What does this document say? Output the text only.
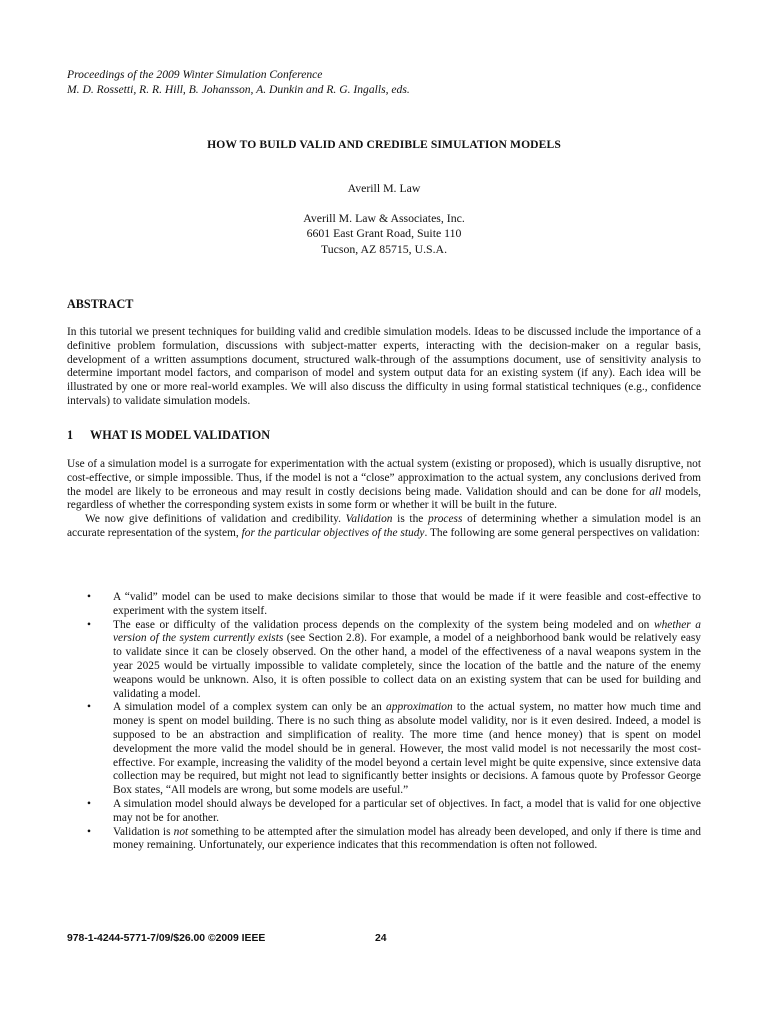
Proceedings of the 2009 Winter Simulation Conference
M. D. Rossetti, R. R. Hill, B. Johansson, A. Dunkin and R. G. Ingalls, eds.
HOW TO BUILD VALID AND CREDIBLE SIMULATION MODELS
Averill M. Law
Averill M. Law & Associates, Inc.
6601 East Grant Road, Suite 110
Tucson, AZ 85715, U.S.A.
ABSTRACT
In this tutorial we present techniques for building valid and credible simulation models. Ideas to be discussed include the importance of a definitive problem formulation, discussions with subject-matter experts, interacting with the decision-maker on a regular basis, development of a written assumptions document, structured walk-through of the assumptions document, use of sensitivity analysis to determine important model factors, and comparison of model and system output data for an existing system (if any). Each idea will be illustrated by one or more real-world examples. We will also discuss the difficulty in using formal statistical techniques (e.g., confidence intervals) to validate simulation models.
1 WHAT IS MODEL VALIDATION

Use of a simulation model is a surrogate for experimentation with the actual system (existing or proposed), which is usually disruptive, not cost-effective, or simple impossible. Thus, if the model is not a “close” approximation to the actual system, any conclusions derived from the model are likely to be erroneous and may result in costly decisions being made. Validation should and can be done for all models, regardless of whether the corresponding system exists in some form or whether it will be built in the future.

We now give definitions of validation and credibility. Validation is the process of determining whether a simulation model is an accurate representation of the system, for the particular objectives of the study. The following are some general perspectives on validation:

• A “valid” model can be used to make decisions similar to those that would be made if it were feasible and cost-effective to experiment with the system itself.
• The ease or difficulty of the validation process depends on the complexity of the system being modeled and on whether a version of the system currently exists (see Section 2.8). For example, a model of a neighborhood bank would be relatively easy to validate since it can be closely observed. On the other hand, a model of the effectiveness of a naval weapons system in the year 2025 would be virtually impossible to validate completely, since the location of the battle and the nature of the enemy weapons would be unknown. Also, it is often possible to collect data on an existing system that can be used for building and validating a model.
• A simulation model of a complex system can only be an approximation to the actual system, no matter how much time and money is spent on model building. There is no such thing as absolute model validity, nor is it even desired. Indeed, a model is supposed to be an abstraction and simplification of reality. The more time (and hence money) that is spent on model development the more valid the model should be in general. However, the most valid model is not necessarily the most cost-effective. For example, increasing the validity of the model beyond a certain level might be quite expensive, since extensive data collection may be required, but might not lead to significantly better insights or decisions. A famous quote by Professor George Box states, “All models are wrong, but some models are useful.”
• A simulation model should always be developed for a particular set of objectives. In fact, a model that is valid for one objective may not be for another.
• Validation is not something to be attempted after the simulation model has already been developed, and only if there is time and money remaining. Unfortunately, our experience indicates that this recommendation is often not followed.
978-1-4244-5771-7/09/$26.00 ©2009 IEEE	24
